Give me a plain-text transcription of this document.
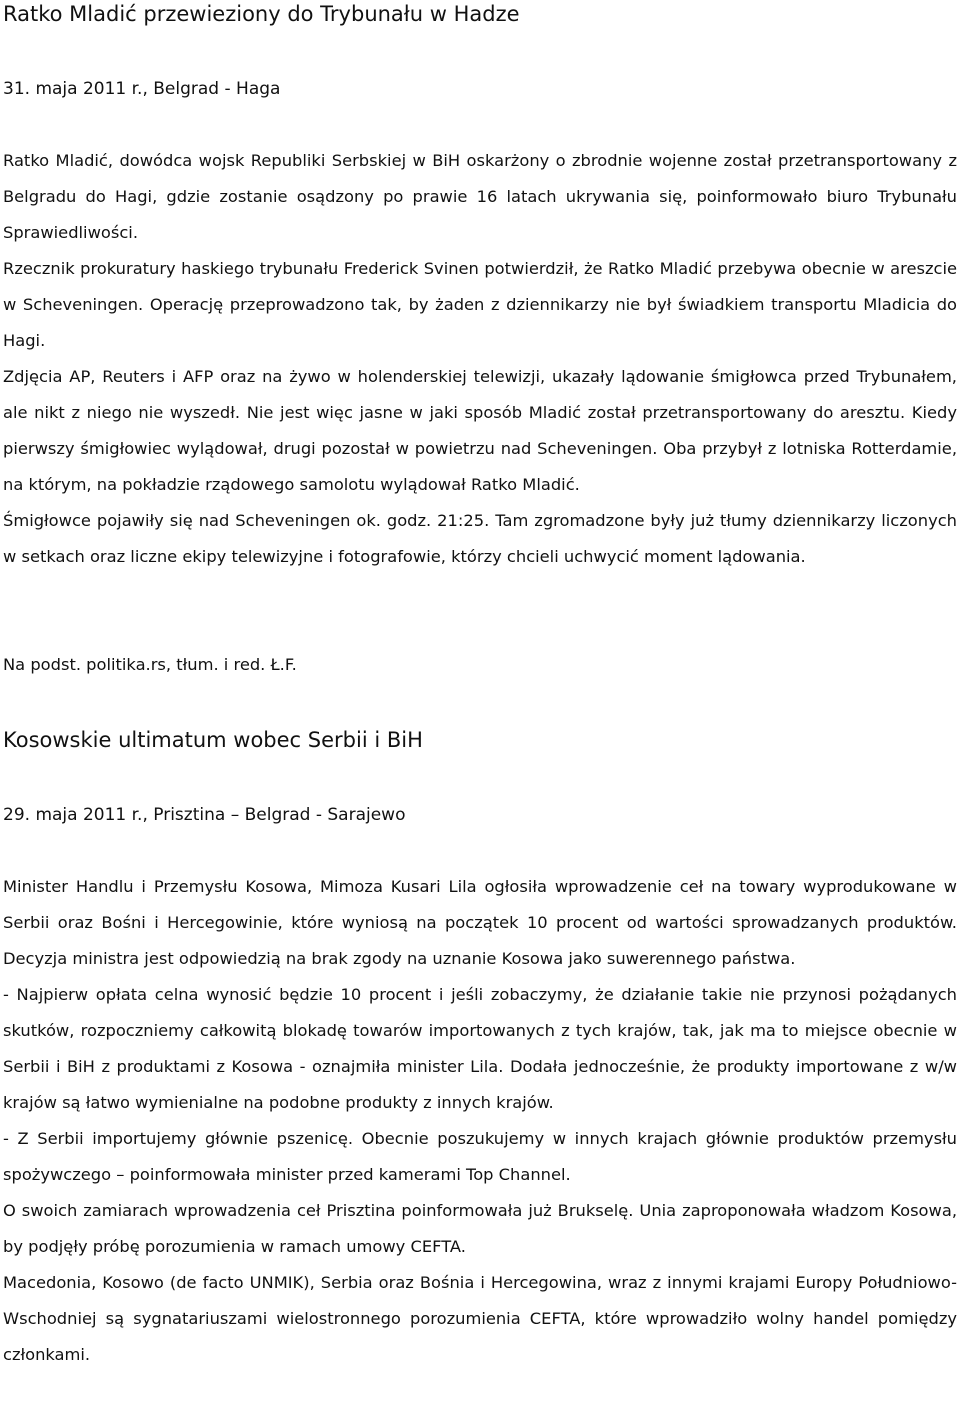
Ratko Mladić przewieziony do Trybunału w Hadze
31. maja 2011 r., Belgrad - Haga

Ratko Mladić, dowódca wojsk Republiki Serbskiej w BiH oskarżony o zbrodnie wojenne został przetransportowany z Belgradu do Hagi, gdzie zostanie osądzony po prawie 16 latach ukrywania się, poinformowało biuro Trybunału Sprawiedliwości.

Rzecznik prokuratury haskiego trybunału Frederick Svinen potwierdził, że Ratko Mladić przebywa obecnie w areszcie w Scheveningen. Operację przeprowadzono tak, by żaden z dziennikarzy nie był świadkiem transportu Mladicia do Hagi.

Zdjęcia AP, Reuters i AFP oraz na żywo w holenderskiej telewizji, ukazały lądowanie śmigłowca przed Trybunałem, ale nikt z niego nie wyszedł. Nie jest więc jasne w jaki sposób Mladić został przetransportowany do aresztu. Kiedy pierwszy śmigłowiec wylądował, drugi pozostał w powietrzu nad Scheveningen. Oba przybył z lotniska Rotterdamie, na którym, na pokładzie rządowego samolotu wylądował Ratko Mladić.

Śmigłowce pojawiły się nad Scheveningen ok. godz. 21:25. Tam zgromadzone były już tłumy dziennikarzy liczonych w setkach oraz liczne ekipy telewizyjne i fotografowie, którzy chcieli uchwycić moment lądowania.

Na podst. politika.rs, tłum. i red. Ł.F.
Kosowskie ultimatum wobec Serbii i BiH
29. maja 2011 r., Prisztina – Belgrad - Sarajewo

Minister Handlu i Przemysłu Kosowa, Mimoza Kusari Lila ogłosiła wprowadzenie ceł na towary wyprodukowane w Serbii oraz Bośni i Hercegowinie, które wyniosą na początek 10 procent od wartości sprowadzanych produktów. Decyzja ministra jest odpowiedzią na brak zgody na uznanie Kosowa jako suwerennego państwa.

- Najpierw opłata celna wynosić będzie 10 procent i jeśli zobaczymy, że działanie takie nie przynosi pożądanych skutków, rozpoczniemy całkowitą blokadę towarów importowanych z tych krajów, tak, jak ma to miejsce obecnie w Serbii i BiH z produktami z Kosowa - oznajmiła minister Lila. Dodała jednocześnie, że produkty importowane z w/w krajów są łatwo wymienialne na podobne produkty z innych krajów.

- Z Serbii importujemy głównie pszenicę. Obecnie poszukujemy w innych krajach głównie produktów przemysłu spożywczego – poinformowała minister przed kamerami Top Channel.

O swoich zamiarach wprowadzenia ceł Prisztina poinformowała już Brukselę. Unia zaproponowała władzom Kosowa, by podjęły próbę porozumienia w ramach umowy CEFTA.

Macedonia, Kosowo (de facto UNMIK), Serbia oraz Bośnia i Hercegowina, wraz z innymi krajami Europy Południowo-Wschodniej są sygnatariuszami wielostronnego porozumienia CEFTA, które wprowadziło wolny handel pomiędzy członkami.
